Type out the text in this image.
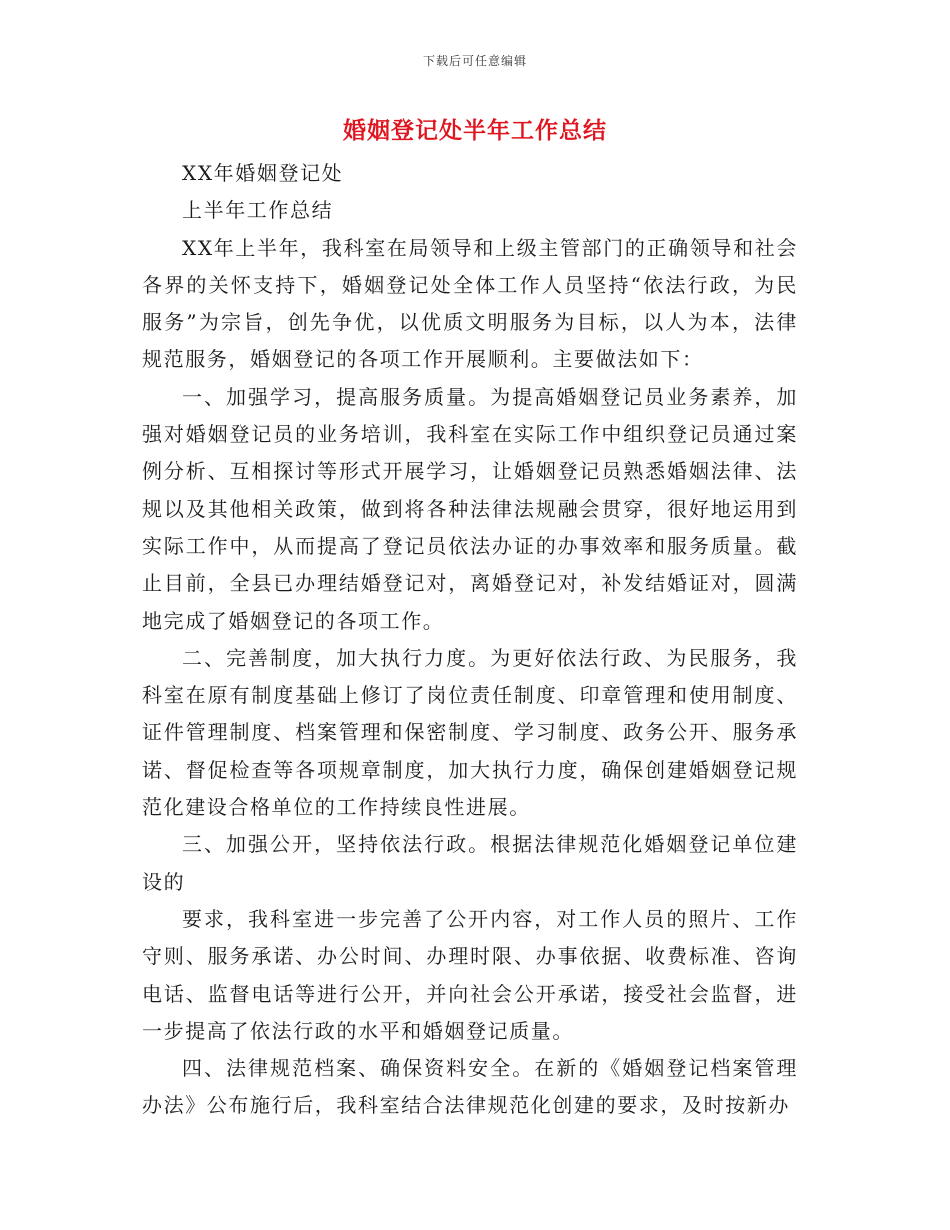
下载后可任意编辑
婚姻登记处半年工作总结

XX年婚姻登记处

上半年工作总结

XX年上半年，我科室在局领导和上级主管部门的正确领导和社会各界的关怀支持下，婚姻登记处全体工作人员坚持“依法行政，为民服务”为宗旨，创先争优，以优质文明服务为目标，以人为本，法律规范服务，婚姻登记的各项工作开展顺利。主要做法如下：

一、加强学习，提高服务质量。为提高婚姻登记员业务素养，加强对婚姻登记员的业务培训，我科室在实际工作中组织登记员通过案例分析、互相探讨等形式开展学习，让婚姻登记员熟悉婚姻法律、法规以及其他相关政策，做到将各种法律法规融会贯穿，很好地运用到实际工作中，从而提高了登记员依法办证的办事效率和服务质量。截止目前，全县已办理结婚登记对，离婚登记对，补发结婚证对，圆满地完成了婚姻登记的各项工作。

二、完善制度，加大执行力度。为更好依法行政、为民服务，我科室在原有制度基础上修订了岗位责任制度、印章管理和使用制度、证件管理制度、档案管理和保密制度、学习制度、政务公开、服务承诺、督促检查等各项规章制度，加大执行力度，确保创建婚姻登记规范化建设合格单位的工作持续良性进展。

三、加强公开，坚持依法行政。根据法律规范化婚姻登记单位建设的

要求，我科室进一步完善了公开内容，对工作人员的照片、工作守则、服务承诺、办公时间、办理时限、办事依据、收费标准、咨询电话、监督电话等进行公开，并向社会公开承诺，接受社会监督，进一步提高了依法行政的水平和婚姻登记质量。

四、法律规范档案、确保资料安全。在新的《婚姻登记档案管理办法》公布施行后，我科室结合法律规范化创建的要求，及时按新办
